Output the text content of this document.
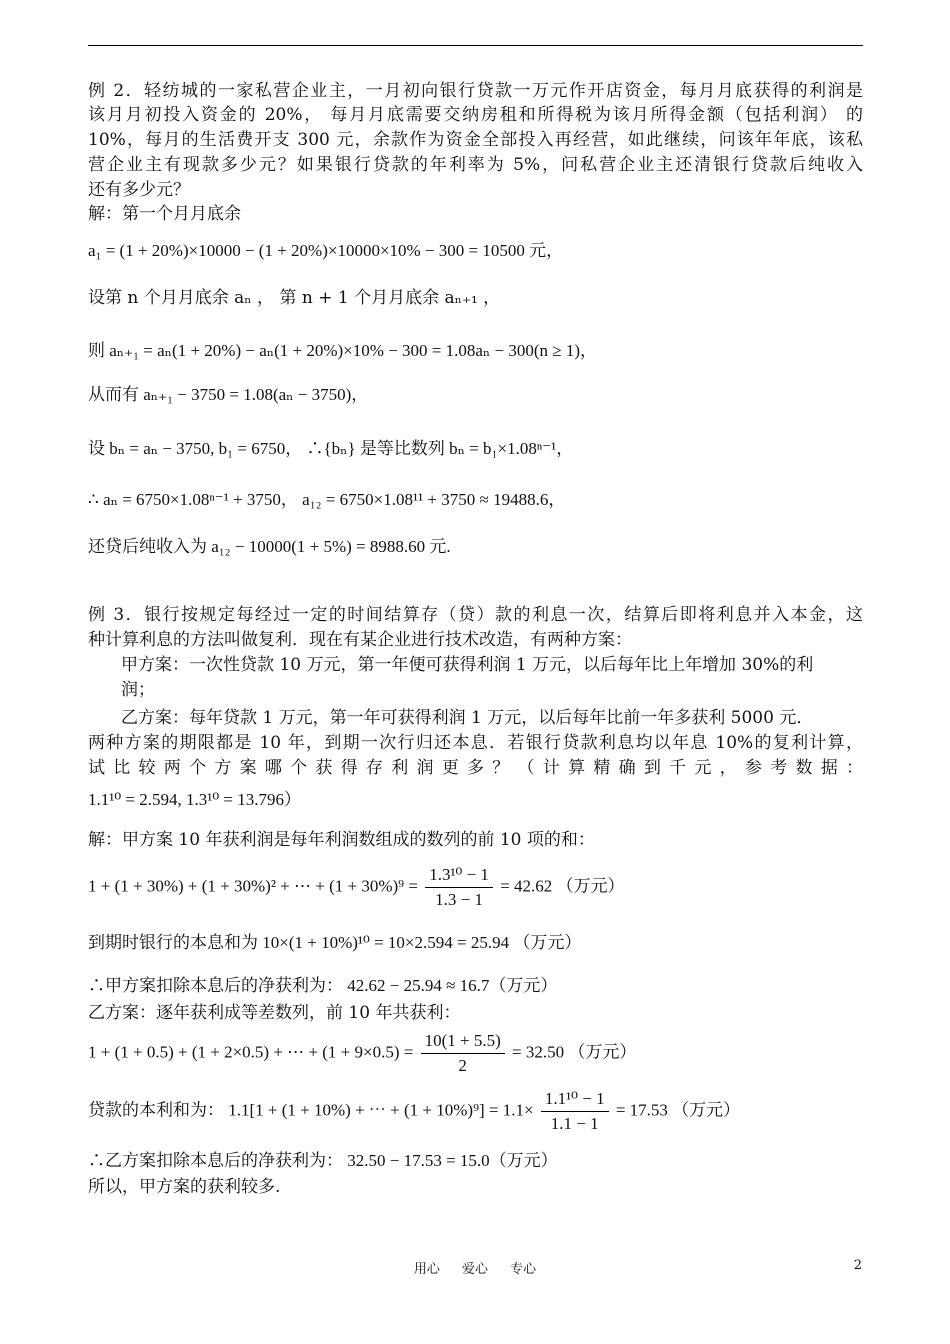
例 2．轻纺城的一家私营企业主，一月初向银行贷款一万元作开店资金，每月月底获得的利润是
该月月初投入资金的 20%， 每月月底需要交纳房租和所得税为该月所得金额（包括利润） 的
10%，每月的生活费开支 300 元，余款作为资金全部投入再经营，如此继续，问该年年底，该私
营企业主有现款多少元？如果银行贷款的年利率为 5%，问私营企业主还清银行贷款后纯收入
还有多少元？
解：第一个月月底余
a₁ = (1 + 20%)×10000 − (1 + 20%)×10000×10% − 300 = 10500 元，
设第 n 个月月底余 aₙ ， 第 n + 1 个月月底余 aₙ₊₁ ，
则 aₙ₊₁ = aₙ(1 + 20%) − aₙ(1 + 20%)×10% − 300 = 1.08aₙ − 300(n ≥ 1)，
从而有 aₙ₊₁ − 3750 = 1.08(aₙ − 3750)，
设 bₙ = aₙ − 3750, b₁ = 6750， ∴{bₙ} 是等比数列 bₙ = b₁×1.08ⁿ⁻¹，
∴ aₙ = 6750×1.08ⁿ⁻¹ + 3750， a₁₂ = 6750×1.08¹¹ + 3750 ≈ 19488.6，
还贷后纯收入为 a₁₂ − 10000(1 + 5%) = 8988.60 元.
例 3．银行按规定每经过一定的时间结算存（贷）款的利息一次，结算后即将利息并入本金，这
种计算利息的方法叫做复利．现在有某企业进行技术改造，有两种方案：
甲方案：一次性贷款 10 万元，第一年便可获得利润 1 万元，以后每年比上年增加 30%的利
润；
乙方案：每年贷款 1 万元，第一年可获得利润 1 万元，以后每年比前一年多获利 5000 元．
两种方案的期限都是 10 年，到期一次行归还本息．若银行贷款利息均以年息 10%的复利计算，
试比较两个方案哪个获得存利润更多？（计算精确到千元，参考数据：
1.1¹⁰ = 2.594, 1.3¹⁰ = 13.796）
解：甲方案 10 年获利润是每年利润数组成的数列的前 10 项的和：
1 + (1 + 30%) + (1 + 30%)² + ⋯ + $(1 + 30\%)^9 = \frac{\text{1.3¹⁰ − 1}}{1.3 - 1} = 42.62$ （万元）
到期时银行的本息和为 10×(1 + 10%)¹⁰ = 10×2.594 = 25.94 （万元）
∴甲方案扣除本息后的净获利为： 42.62 − 25.94 ≈ 16.7（万元）
乙方案：逐年获利成等差数列，前 10 年共获利：
1 + (1 + 0.5) + (1 + 2×0.5) + ⋯ + $(1 + 9\times 0.5) = \frac{10(1 + 5.5)}{2} = 32.50$ （万元）
贷款的本利和为： 1.1[1 + (1 + 10%) + ⋯ + $(1 + 10\%)^9] = 1.1\times \frac{\text{1.1¹⁰ − 1}}{1.1 - 1} = 17.53$ （万元）
∴乙方案扣除本息后的净获利为： 32.50 − 17.53 = 15.0（万元）
所以，甲方案的获利较多.
用心 爱心 专心	2
